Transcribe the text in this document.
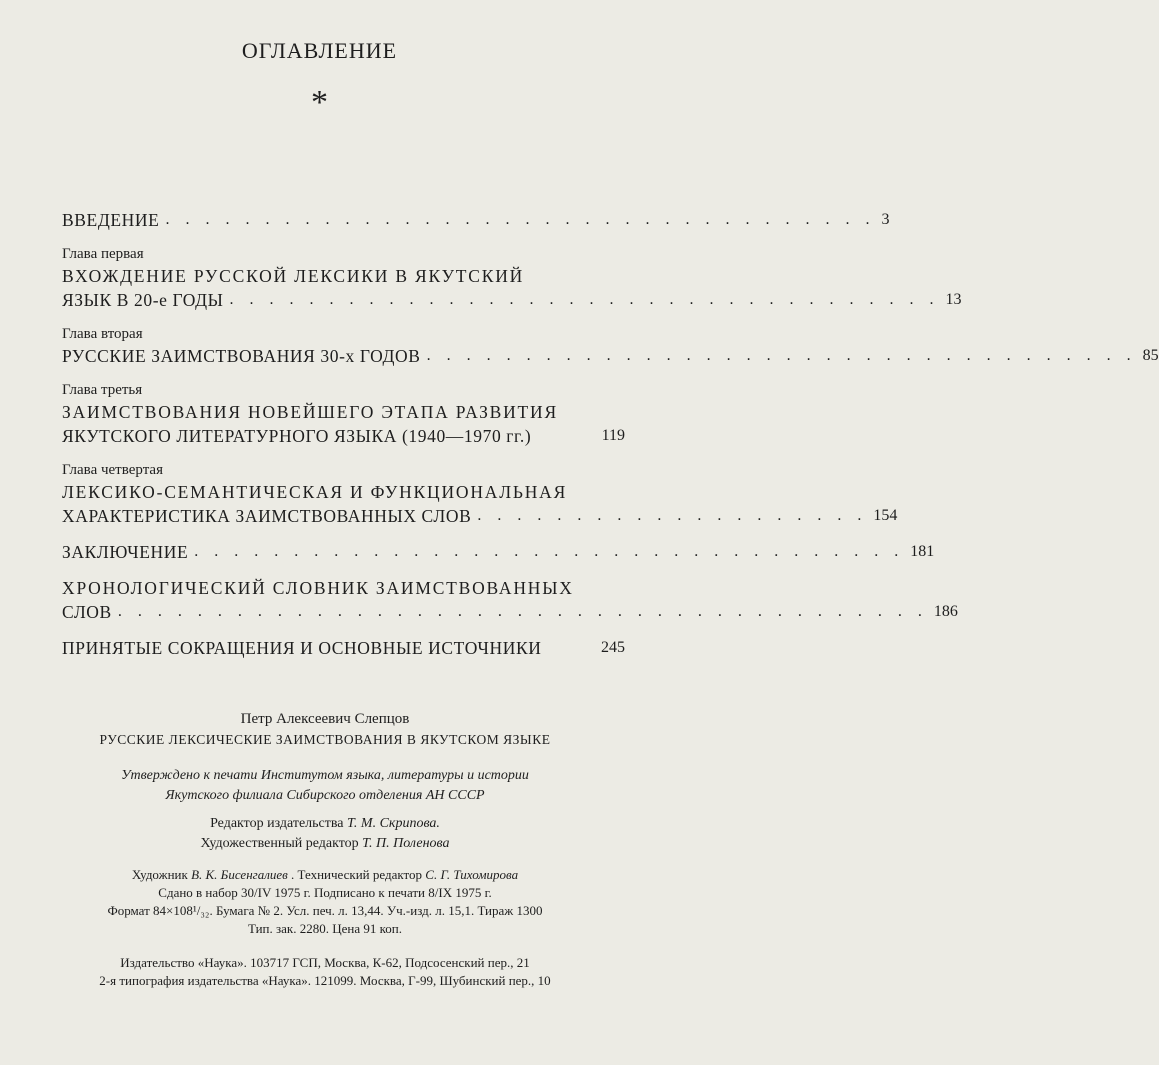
ОГЛАВЛЕНИЕ
*
ВВЕДЕНИЕ . . . . . . . . . . . . . . . . . . . . . . . . . . . . . . . . . . . . 3
Глава первая
ВХОЖДЕНИЕ РУССКОЙ ЛЕКСИКИ В ЯКУТСКИЙ
ЯЗЫК В 20-е ГОДЫ . . . . . . . . . . . . . . . . . . . . . . . . . . . . . . . . . . . . 13
Глава вторая
РУССКИЕ ЗАИМСТВОВАНИЯ 30-х ГОДОВ . . . . . . . . . . . . . . . . . . . . . . . . . . . . . . . . . . . . 85
Глава третья
ЗАИМСТВОВАНИЯ НОВЕЙШЕГО ЭТАПА РАЗВИТИЯ
ЯКУТСКОГО ЛИТЕРАТУРНОГО ЯЗЫКА (1940—1970 гг.)	119
Глава четвертая
ЛЕКСИКО-СЕМАНТИЧЕСКАЯ И ФУНКЦИОНАЛЬНАЯ
ХАРАКТЕРИСТИКА ЗАИМСТВОВАННЫХ СЛОВ . . . . . . . . . . . . . . . . . . . . 154
ЗАКЛЮЧЕНИЕ . . . . . . . . . . . . . . . . . . . . . . . . . . . . . . . . . . . . 181
ХРОНОЛОГИЧЕСКИЙ СЛОВНИК ЗАИМСТВОВАННЫХ
СЛОВ . . . . . . . . . . . . . . . . . . . . . . . . . . . . . . . . . . . . . . . . . 186
ПРИНЯТЫЕ СОКРАЩЕНИЯ И ОСНОВНЫЕ ИСТОЧНИКИ	245
Петр Алексеевич Слепцов
РУССКИЕ ЛЕКСИЧЕСКИЕ ЗАИМСТВОВАНИЯ В ЯКУТСКОМ ЯЗЫКЕ
Утверждено к печати Институтом языка, литературы и истории
Якутского филиала Сибирского отделения АН СССР
Редактор издательства Т. М. Скрипова.
Художественный редактор Т. П. Поленова
Художник В. К. Бисенгалиев . Технический редактор С. Г. Тихомирова
Сдано в набор 30/IV 1975 г. Подписано к печати 8/IX 1975 г.
Формат 84×108¹/₃₂. Бумага № 2. Усл. печ. л. 13,44. Уч.-изд. л. 15,1. Тираж 1300
Тип. зак. 2280. Цена 91 коп.
Издательство «Наука». 103717 ГСП, Москва, К-62, Подсосенский пер., 21
2-я типография издательства «Наука». 121099. Москва, Г-99, Шубинский пер., 10
